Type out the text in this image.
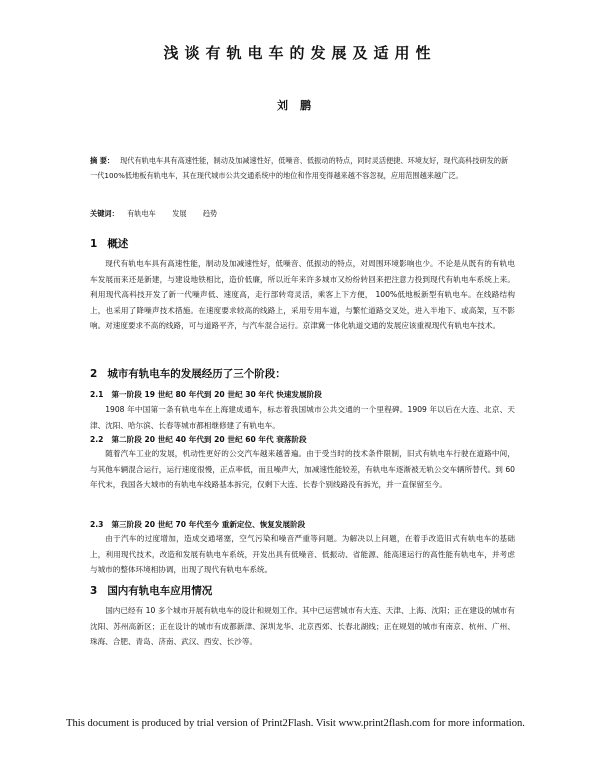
浅谈有轨电车的发展及适用性
刘鹏
摘 要： 现代有轨电车具有高速性能，制动及加减速性好，低噪音、低振动的特点，同时灵活便捷、环境友好，现代高科技研发的新一代100%低地板有轨电车，其在现代城市公共交通系统中的地位和作用变得越来越不容忽视，应用范围越来越广泛。
关键词： 有轨电车 发展 趋势
1 概述
现代有轨电车具有高速性能，制动及加减速性好，低噪音、低振动的特点，对周围环境影响也少。不论是从既有的有轨电车发展而来还是新建，与建设地铁相比，造价低廉，所以近年来许多城市又纷纷转回来把注意力投到现代有轨电车系统上来。利用现代高科技开发了新一代噪声低、速度高，走行部转弯灵活，乘客上下方便， 100%低地板新型有轨电车。在线路结构上，也采用了降噪声技术措施。在速度要求较高的线路上，采用专用车道，与繁忙道路交叉处，进入半地下、或高架，互不影响。对速度要求不高的线路，可与道路平齐，与汽车混合运行。京津冀一体化轨道交通的发展应该重视现代有轨电车技术。
2 城市有轨电车的发展经历了三个阶段：
2.1 第一阶段 19 世纪 80 年代到 20 世纪 30 年代 快速发展阶段
1908 年中国第一条有轨电车在上海建成通车，标志着我国城市公共交通的一个里程碑。1909 年以后在大连、北京、天津、沈阳、哈尔滨、长春等城市都相继修建了有轨电车。
2.2 第二阶段 20 世纪 40 年代到 20 世纪 60 年代 衰落阶段
随着汽车工业的发展，机动性更好的公交汽车越来越普遍。由于受当时的技术条件限制，旧式有轨电车行驶在道路中间，与其他车辆混合运行，运行速度很慢，正点率低，而且噪声大，加减速性能较差，有轨电车逐渐被无轨公交车辆所替代。到 60 年代末，我国各大城市的有轨电车线路基本拆完，仅剩下大连、长春个别线路没有拆光，并一直保留至今。
2.3 第三阶段 20 世纪 70 年代至今 重新定位、恢复发展阶段
由于汽车的过度增加，造成交通堵塞，空气污染和噪音严重等问题。为解决以上问题，在着手改造旧式有轨电车的基础上，利用现代技术，改造和发展有轨电车系统，开发出具有低噪音、低振动、省能源、能高速运行的高性能有轨电车，并考虑与城市的整体环境相协调，出现了现代有轨电车系统。
3 国内有轨电车应用情况
国内已经有 10 多个城市开展有轨电车的设计和规划工作。其中已运营城市有大连、天津、上海、沈阳；正在建设的城市有沈阳、苏州高新区；正在设计的城市有成都新津、深圳龙华、北京西郊、长春北湖线；正在规划的城市有南京、杭州、广州、珠海、合肥、青岛、济南、武汉、西安、长沙等。
This document is produced by trial version of Print2Flash. Visit www.print2flash.com for more information.
